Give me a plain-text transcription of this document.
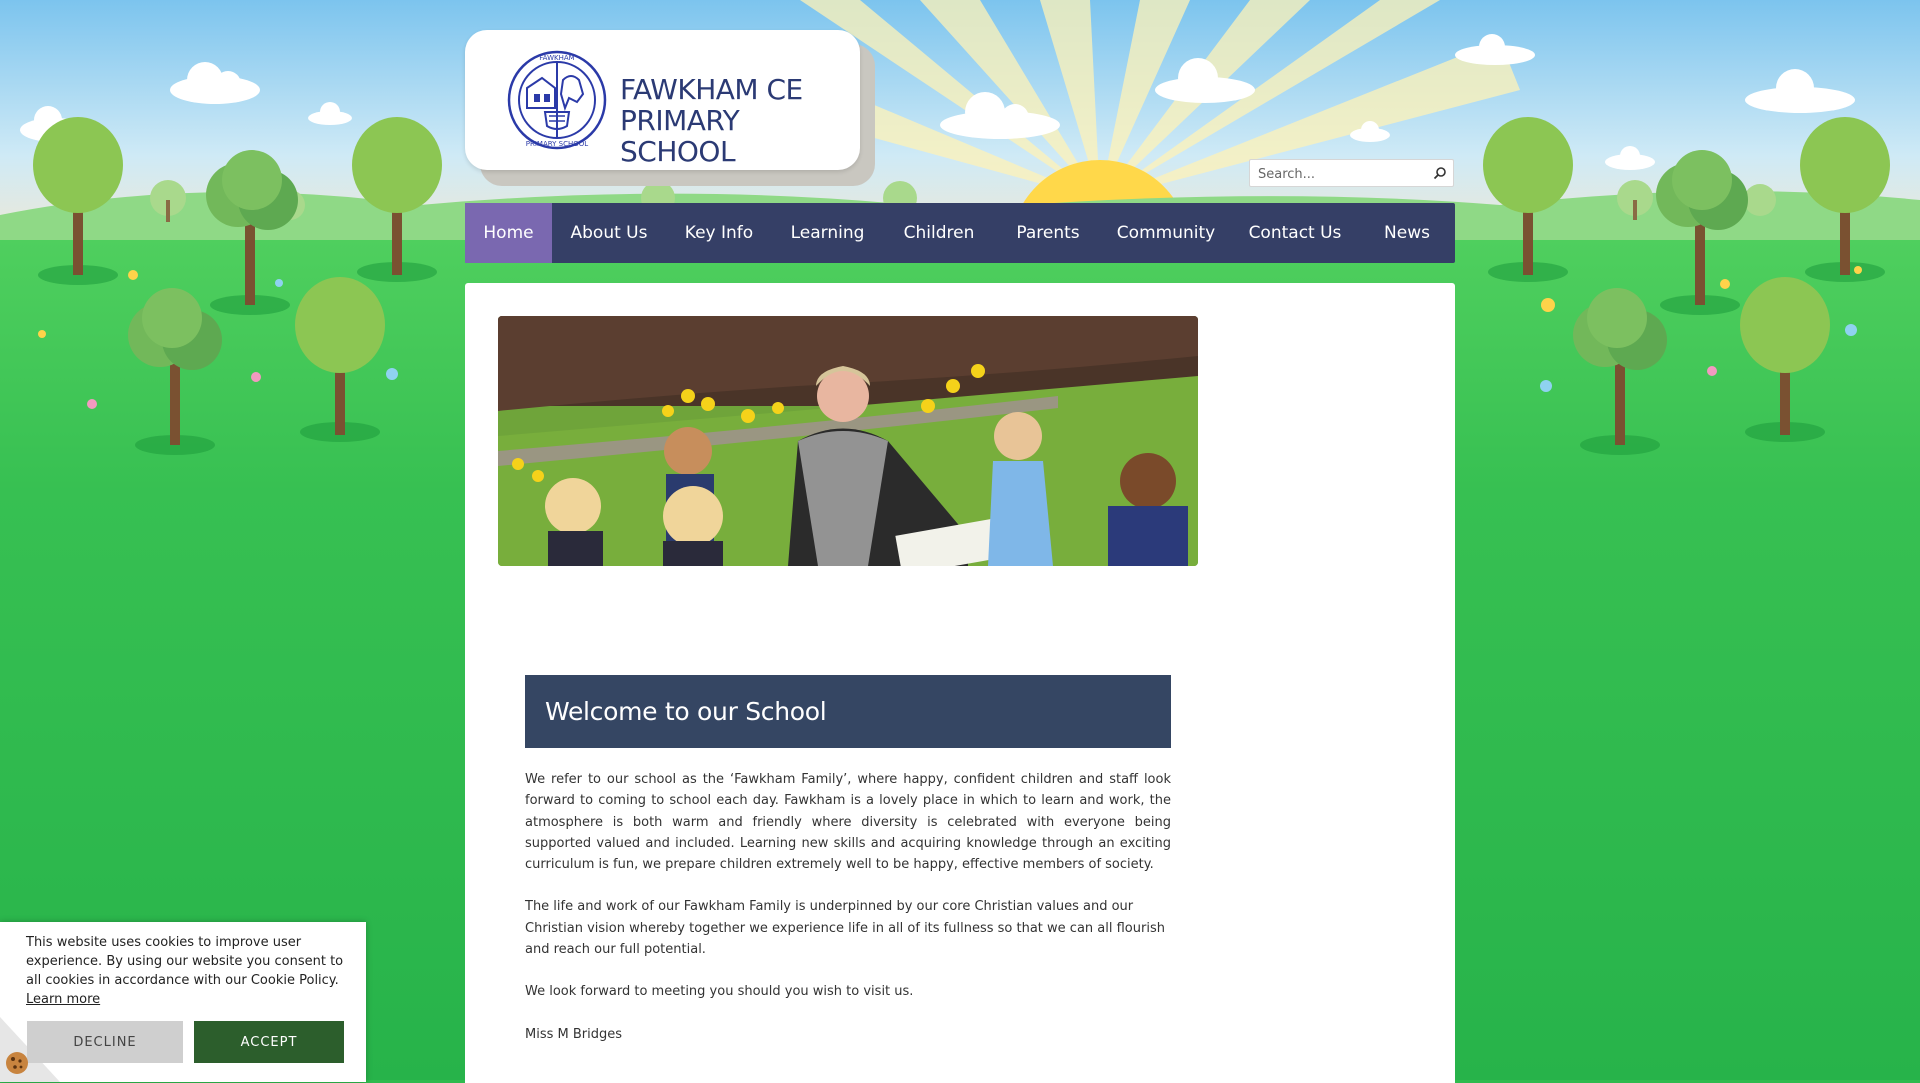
FAWKHAM
PRIMARY SCHOOL
FAWKHAM CE
PRIMARY SCHOOL
Search...
Home	About Us	Key Info	Learning	Children	Parents	Community	Contact Us	News
Welcome to our School

We refer to our school as the ‘Fawkham Family’, where happy, confident children and staff look forward to coming to school each day. Fawkham is a lovely place in which to learn and work, the atmosphere is both warm and friendly where diversity is celebrated with everyone being supported valued and included. Learning new skills and acquiring knowledge through an exciting curriculum is fun, we prepare children extremely well to be happy, effective members of society.

The life and work of our Fawkham Family is underpinned by our core Christian values and our Christian vision whereby together we experience life in all of its fullness so that we can all flourish and reach our full potential.

We look forward to meeting you should you wish to visit us.

Miss M Bridges

This website uses cookies to improve user experience. By using our website you consent to all cookies in accordance with our Cookie Policy.
Learn more
DECLINE	ACCEPT
